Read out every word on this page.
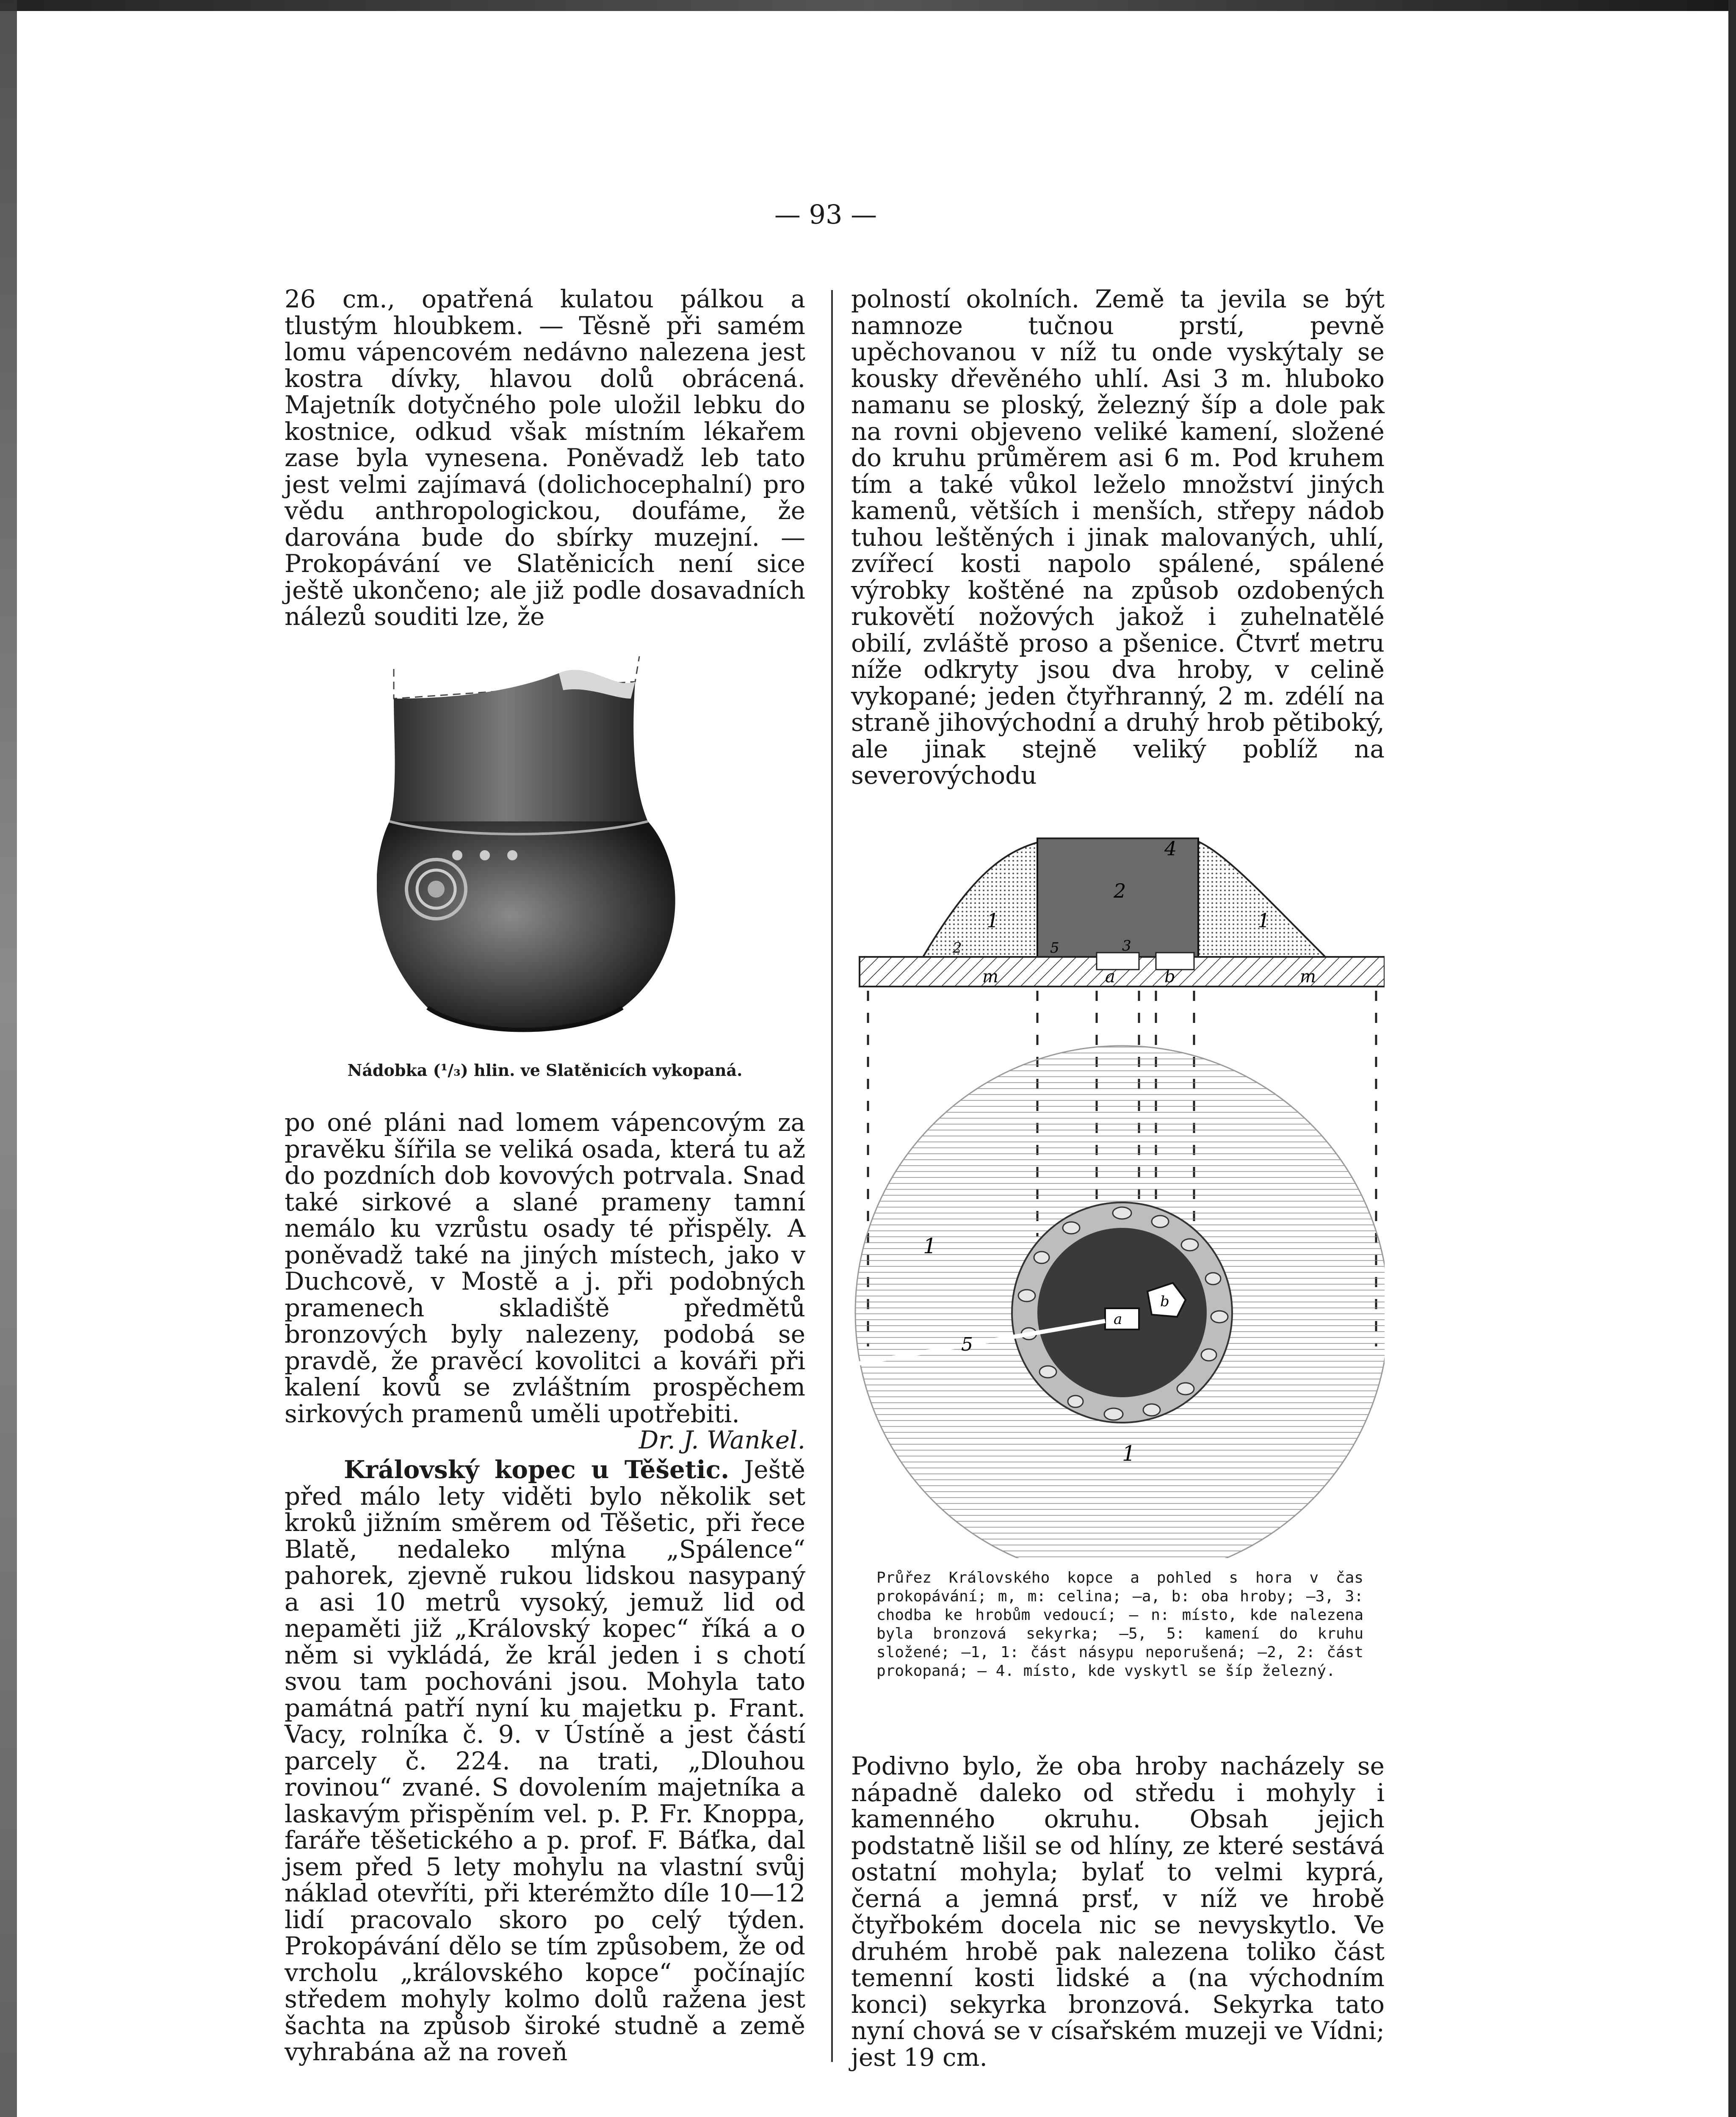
— 93 —

26 cm., opatřená kulatou pálkou a tlustým hloubkem. — Těsně při samém lomu vápencovém nedávno nalezena jest kostra dívky, hlavou dolů obrácená. Majetník dotyčného pole uložil lebku do kostnice, odkud však místním lékařem zase byla vynesena. Poněvadž leb tato jest velmi zajímavá (dolichocephalní) pro vědu anthropologickou, doufáme, že darována bude do sbírky muzejní. — Prokopávání ve Slatěnicích není sice ještě ukončeno; ale již podle dosavadních nálezů souditi lze, že

Nádobka (¹/₃) hlin. ve Slatěnicích vykopaná.

po oné pláni nad lomem vápencovým za pravěku šířila se veliká osada, která tu až do pozdních dob kovových potrvala. Snad také sirkové a slané prameny tamní nemálo ku vzrůstu osady té přispěly. A poněvadž také na jiných místech, jako v Duchcově, v Mostě a j. při podobných pramenech skladiště předmětů bronzových byly nalezeny, podobá se pravdě, že pravěcí kovolitci a kováři při kalení kovů se zvláštním prospěchem sirkových pramenů uměli upotřebiti.
Dr. J. Wankel.

Královský kopec u Těšetic. Ještě před málo lety viděti bylo několik set kroků jižním směrem od Těšetic, při řece Blatě, nedaleko mlýna „Spálence“ pahorek, zjevně rukou lidskou nasypaný a asi 10 metrů vysoký, jemuž lid od nepaměti již „Královský kopec“ říká a o něm si vykládá, že král jeden i s chotí svou tam pochováni jsou. Mohyla tato památná patří nyní ku majetku p. Frant. Vacy, rolníka č. 9. v Ústíně a jest částí parcely č. 224. na trati, „Dlouhou rovinou“ zvané. S dovolením majetníka a laskavým přispěním vel. p. P. Fr. Knoppa, faráře těšetického a p. prof. F. Báťka, dal jsem před 5 lety mohylu na vlastní svůj náklad otevříti, při kterémžto díle 10—12 lidí pracovalo skoro po celý týden. Prokopávání dělo se tím způsobem, že od vrcholu „královského kopce“ počínajíc středem mohyly kolmo dolů ražena jest šachta na způsob široké studně a země vyhrabána až na roveň

polností okolních. Země ta jevila se být namnoze tučnou prstí, pevně upěchovanou v níž tu onde vyskýtaly se kousky dřevěného uhlí. Asi 3 m. hluboko namanu se ploský, železný šíp a dole pak na rovni objeveno veliké kamení, složené do kruhu průměrem asi 6 m. Pod kruhem tím a také vůkol leželo množství jiných kamenů, větších i menších, střepy nádob tuhou leštěných i jinak malovaných, uhlí, zvířecí kosti napolo spálené, spálené výrobky koštěné na způsob ozdobených rukovětí nožových jakož i zuhelnatělé obilí, zvláště proso a pšenice. Čtvrť metru níže odkryty jsou dva hroby, v celině vykopané; jeden čtyřhranný, 2 m. zdélí na straně jihovýchodní a druhý hrob pětiboký, ale jinak stejně veliký poblíž na severovýchodu

1
2
4
1
2	5	3
m	a	b	m
1
5
a
b
1
Průřez Královského kopce a pohled s hora v čas prokopávání; m, m: celina; —a, b: oba hroby; —3, 3: chodba ke hrobům vedoucí; — n: místo, kde nalezena byla bronzová sekyrka; —5, 5: kamení do kruhu složené; —1, 1: část násypu neporušená; —2, 2: část prokopaná; — 4. místo, kde vyskytl se šíp železný.

Podivno bylo, že oba hroby nacházely se nápadně daleko od středu i mohyly i kamenného okruhu. Obsah jejich podstatně lišil se od hlíny, ze které sestává ostatní mohyla; bylať to velmi kyprá, černá a jemná prsť, v níž ve hrobě čtyřbokém docela nic se nevyskytlo. Ve druhém hrobě pak nalezena toliko část temenní kosti lidské a (na východním konci) sekyrka bronzová. Sekyrka tato nyní chová se v císařském muzeji ve Vídni; jest 19 cm.
